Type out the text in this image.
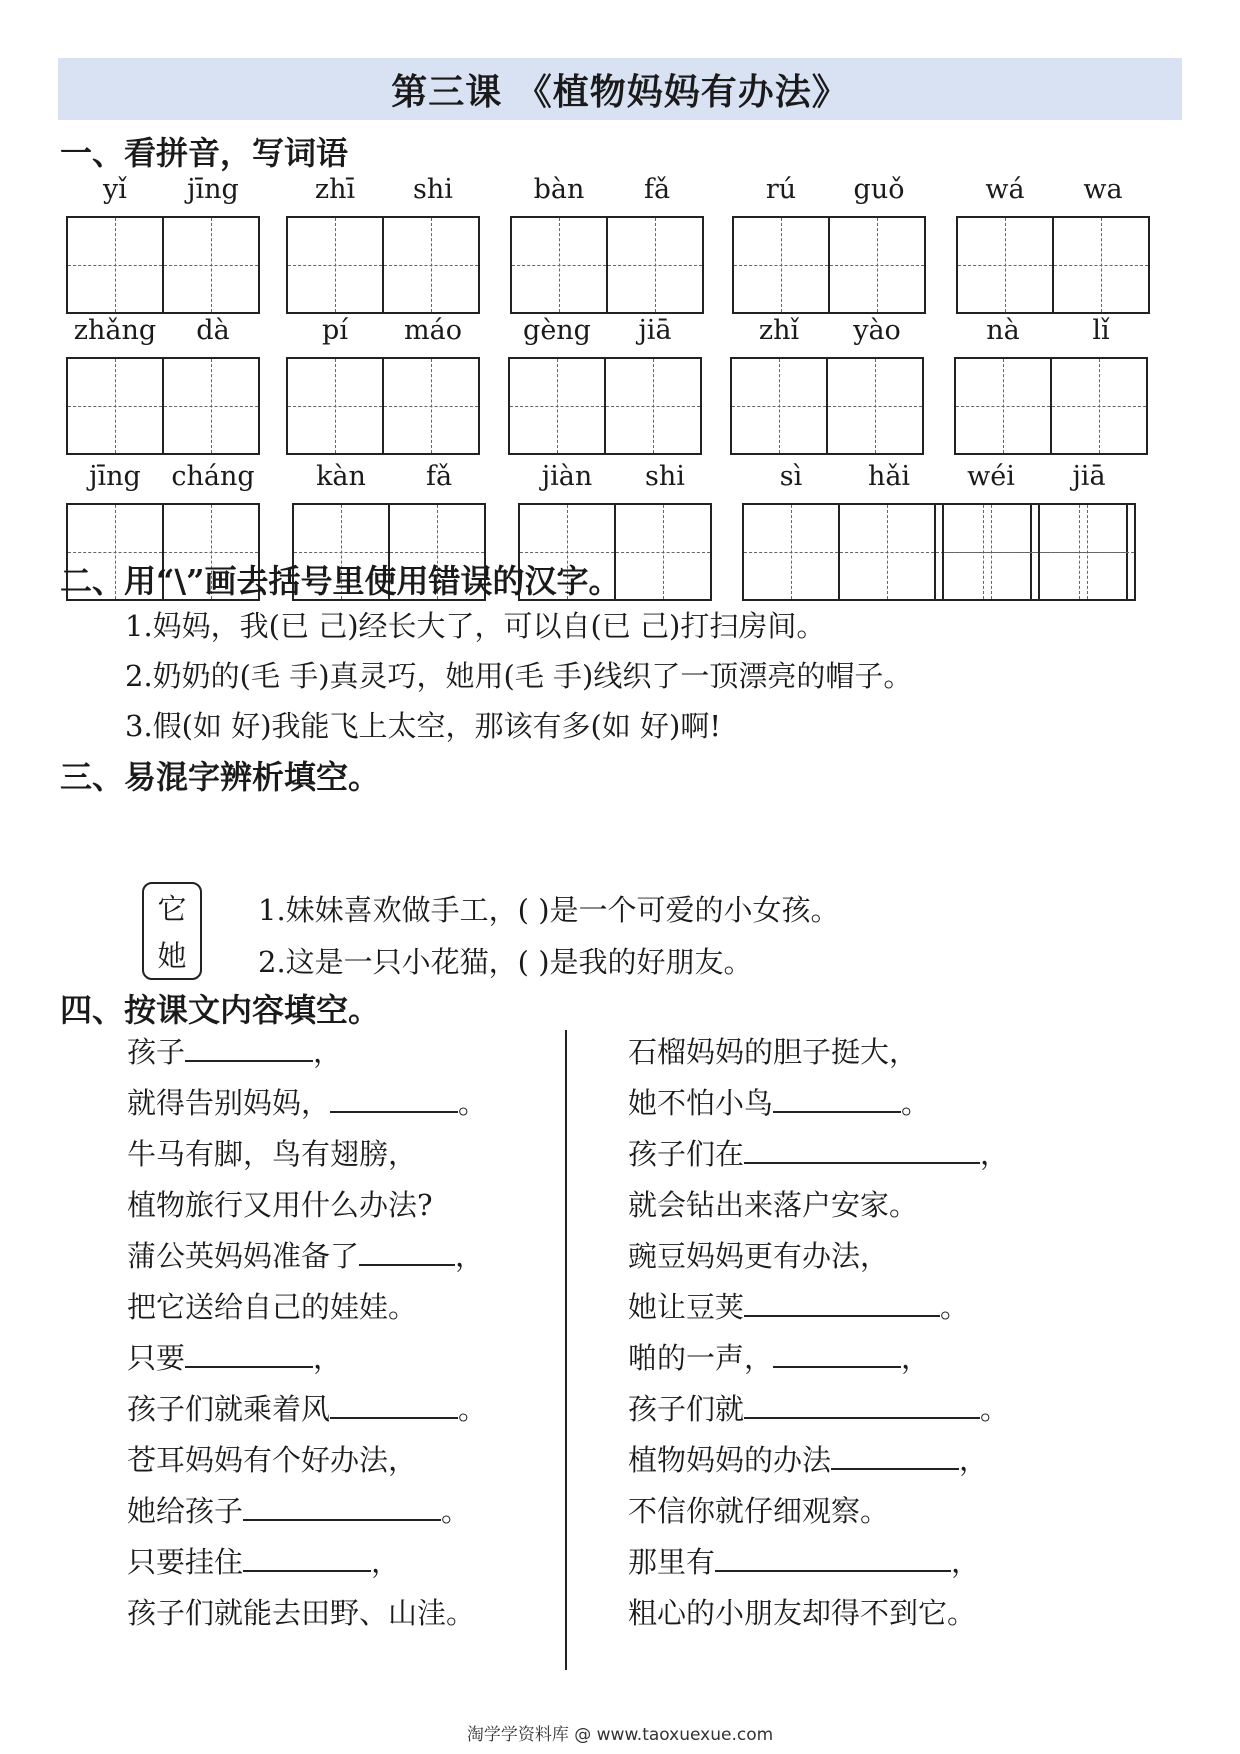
第三课 《植物妈妈有办法》
一、看拼音，写词语
yǐ	jīng	zhī	shi	bàn	fǎ	rú	guǒ	wá	wa
zhǎng	dà	pí	máo	gèng	jiā	zhǐ	yào	nà	lǐ
jīng	cháng	kàn	fǎ	jiàn	shi	sì	hǎi	wéi	jiā
二、用“\”画去括号里使用错误的汉字。
1.妈妈，我(已 己)经长大了，可以自(已 己)打扫房间。
2.奶奶的(毛 手)真灵巧，她用(毛 手)线织了一顶漂亮的帽子。
3.假(如 好)我能飞上太空，那该有多(如 好)啊!
三、易混字辨析填空。
它
她
1.妹妹喜欢做手工，( )是一个可爱的小女孩。
2.这是一只小花猫，( )是我的好朋友。
四、按课文内容填空。
孩子	，
就得告别妈妈，	。
牛马有脚，鸟有翅膀，
植物旅行又用什么办法?
蒲公英妈妈准备了	，
把它送给自己的娃娃。
只要	，
孩子们就乘着风	。
苍耳妈妈有个好办法，
她给孩子	。
只要挂住	，
孩子们就能去田野、山洼。
石榴妈妈的胆子挺大，
她不怕小鸟	。
孩子们在	，
就会钻出来落户安家。
豌豆妈妈更有办法，
她让豆荚	。
啪的一声，	，
孩子们就	。
植物妈妈的办法	，
不信你就仔细观察。
那里有	，
粗心的小朋友却得不到它。
淘学学资料库 @ www.taoxuexue.com
